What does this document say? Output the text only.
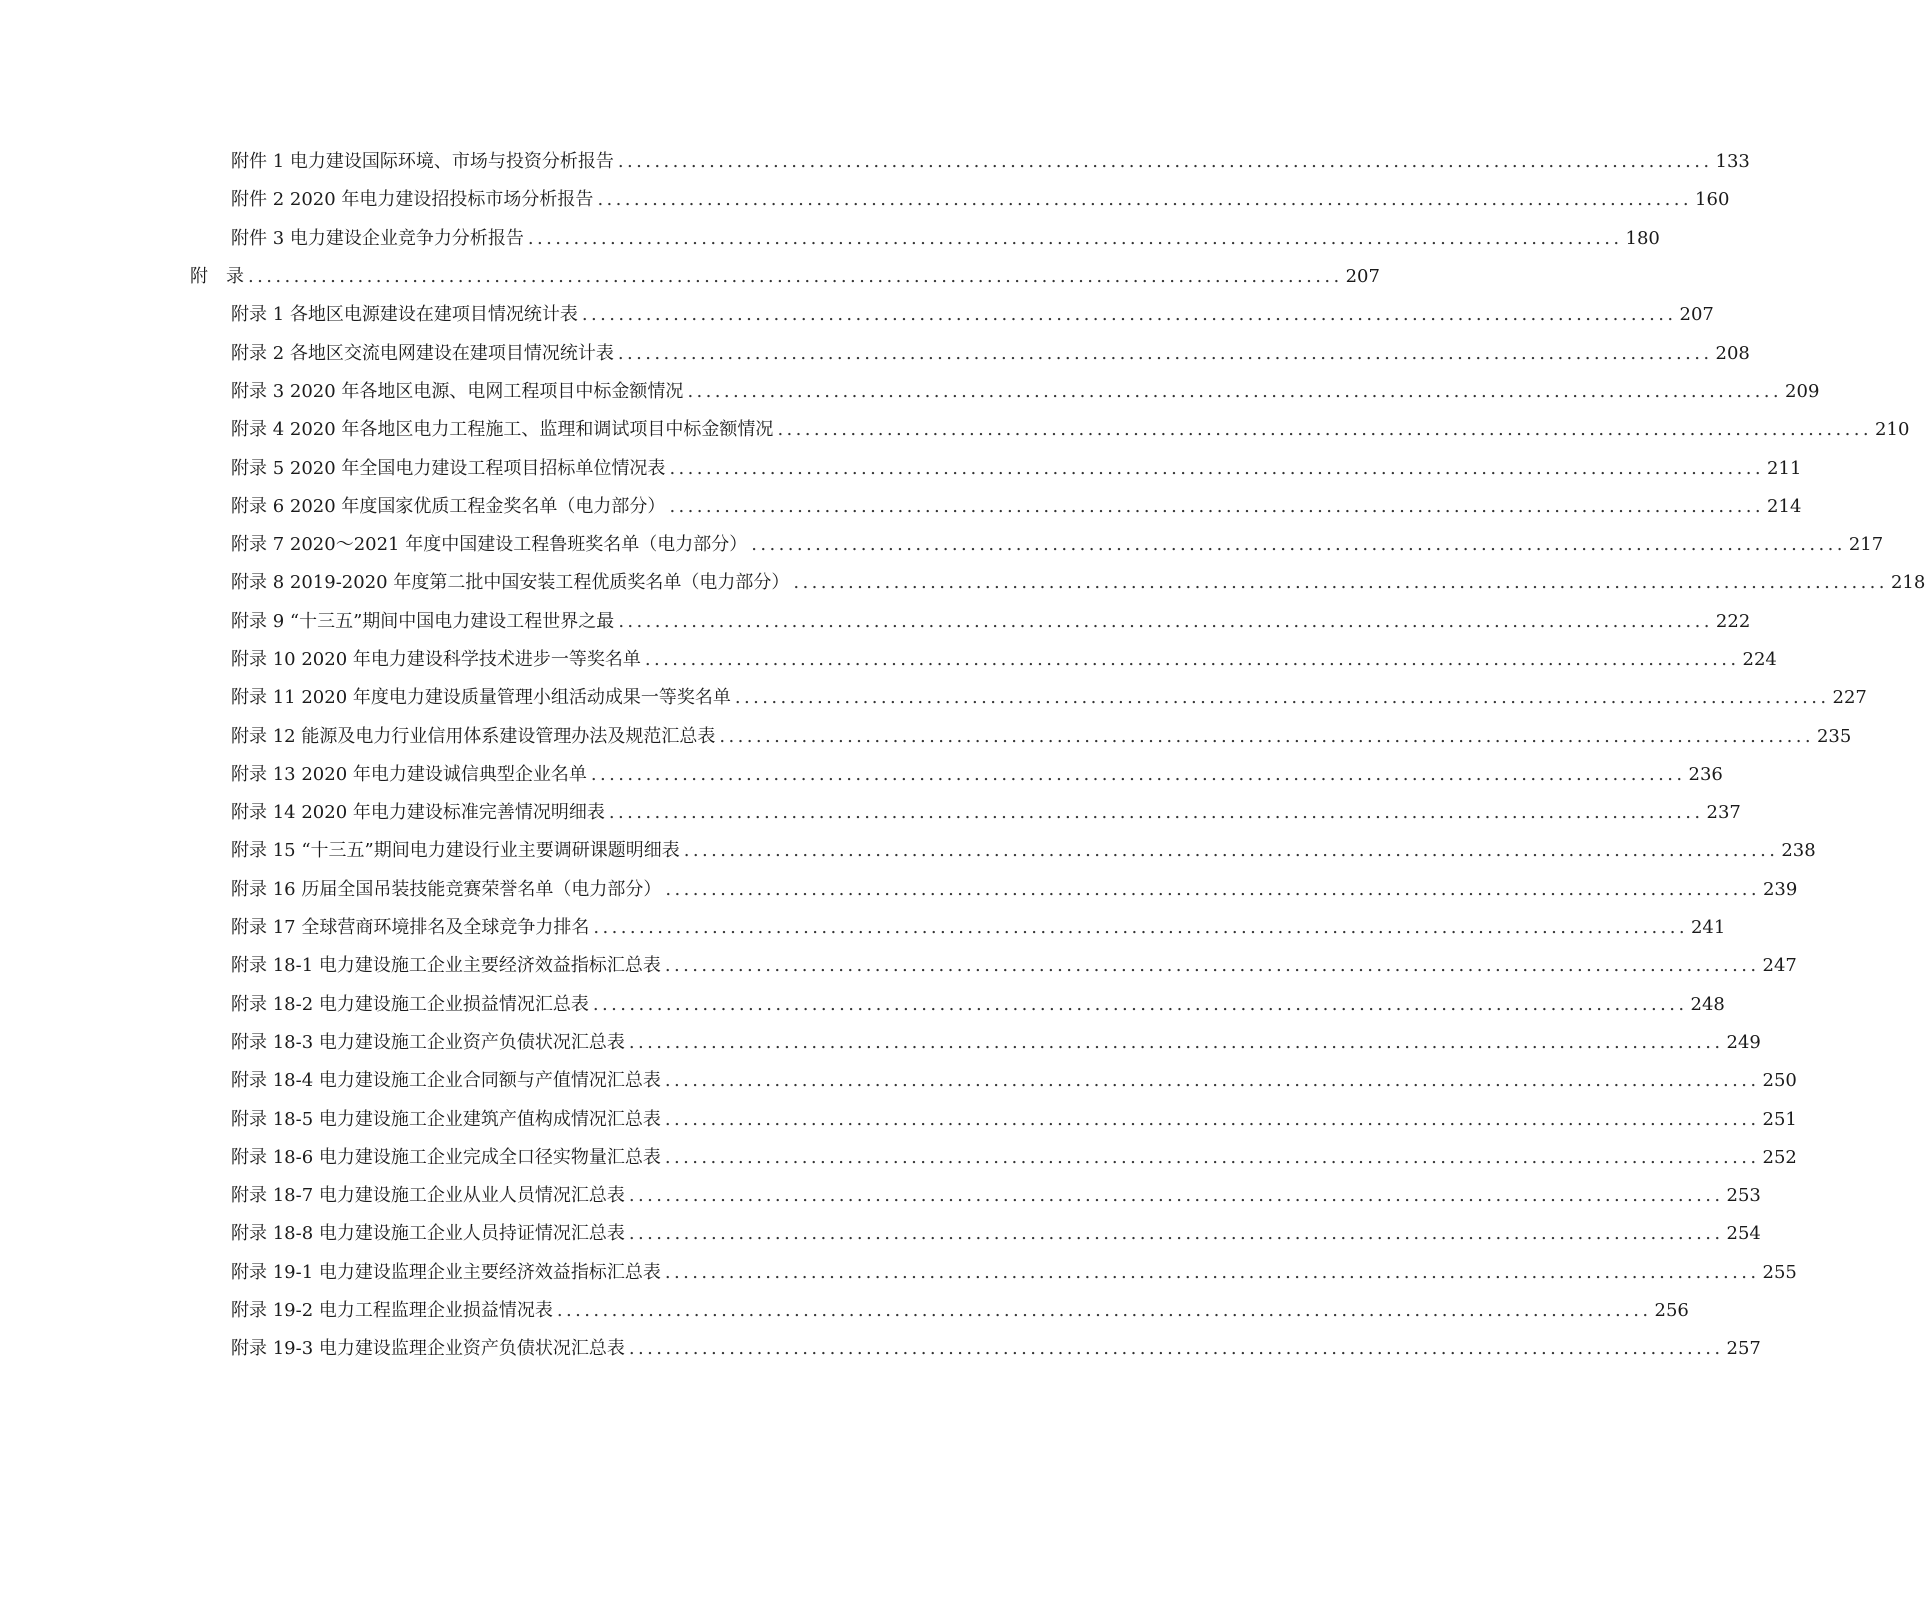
附件 1 电力建设国际环境、市场与投资分析报告 ........................................................................................................................ 133
附件 2 2020 年电力建设招投标市场分析报告 ........................................................................................................................ 160
附件 3 电力建设企业竞争力分析报告 ........................................................................................................................ 180
附　录 ........................................................................................................................ 207
附录 1 各地区电源建设在建项目情况统计表 ........................................................................................................................ 207
附录 2 各地区交流电网建设在建项目情况统计表 ........................................................................................................................ 208
附录 3 2020 年各地区电源、电网工程项目中标金额情况 ........................................................................................................................ 209
附录 4 2020 年各地区电力工程施工、监理和调试项目中标金额情况 ........................................................................................................................ 210
附录 5 2020 年全国电力建设工程项目招标单位情况表 ........................................................................................................................ 211
附录 6 2020 年度国家优质工程金奖名单（电力部分） ........................................................................................................................ 214
附录 7 2020～2021 年度中国建设工程鲁班奖名单（电力部分） ........................................................................................................................ 217
附录 8 2019-2020 年度第二批中国安装工程优质奖名单（电力部分） ........................................................................................................................ 218
附录 9 “十三五”期间中国电力建设工程世界之最 ........................................................................................................................ 222
附录 10 2020 年电力建设科学技术进步一等奖名单 ........................................................................................................................ 224
附录 11 2020 年度电力建设质量管理小组活动成果一等奖名单 ........................................................................................................................ 227
附录 12 能源及电力行业信用体系建设管理办法及规范汇总表 ........................................................................................................................ 235
附录 13 2020 年电力建设诚信典型企业名单 ........................................................................................................................ 236
附录 14 2020 年电力建设标准完善情况明细表 ........................................................................................................................ 237
附录 15 “十三五”期间电力建设行业主要调研课题明细表 ........................................................................................................................ 238
附录 16 历届全国吊装技能竞赛荣誉名单（电力部分） ........................................................................................................................ 239
附录 17 全球营商环境排名及全球竞争力排名 ........................................................................................................................ 241
附录 18-1 电力建设施工企业主要经济效益指标汇总表 ........................................................................................................................ 247
附录 18-2 电力建设施工企业损益情况汇总表 ........................................................................................................................ 248
附录 18-3 电力建设施工企业资产负债状况汇总表 ........................................................................................................................ 249
附录 18-4 电力建设施工企业合同额与产值情况汇总表 ........................................................................................................................ 250
附录 18-5 电力建设施工企业建筑产值构成情况汇总表 ........................................................................................................................ 251
附录 18-6 电力建设施工企业完成全口径实物量汇总表 ........................................................................................................................ 252
附录 18-7 电力建设施工企业从业人员情况汇总表 ........................................................................................................................ 253
附录 18-8 电力建设施工企业人员持证情况汇总表 ........................................................................................................................ 254
附录 19-1 电力建设监理企业主要经济效益指标汇总表 ........................................................................................................................ 255
附录 19-2 电力工程监理企业损益情况表 ........................................................................................................................ 256
附录 19-3 电力建设监理企业资产负债状况汇总表 ........................................................................................................................ 257
